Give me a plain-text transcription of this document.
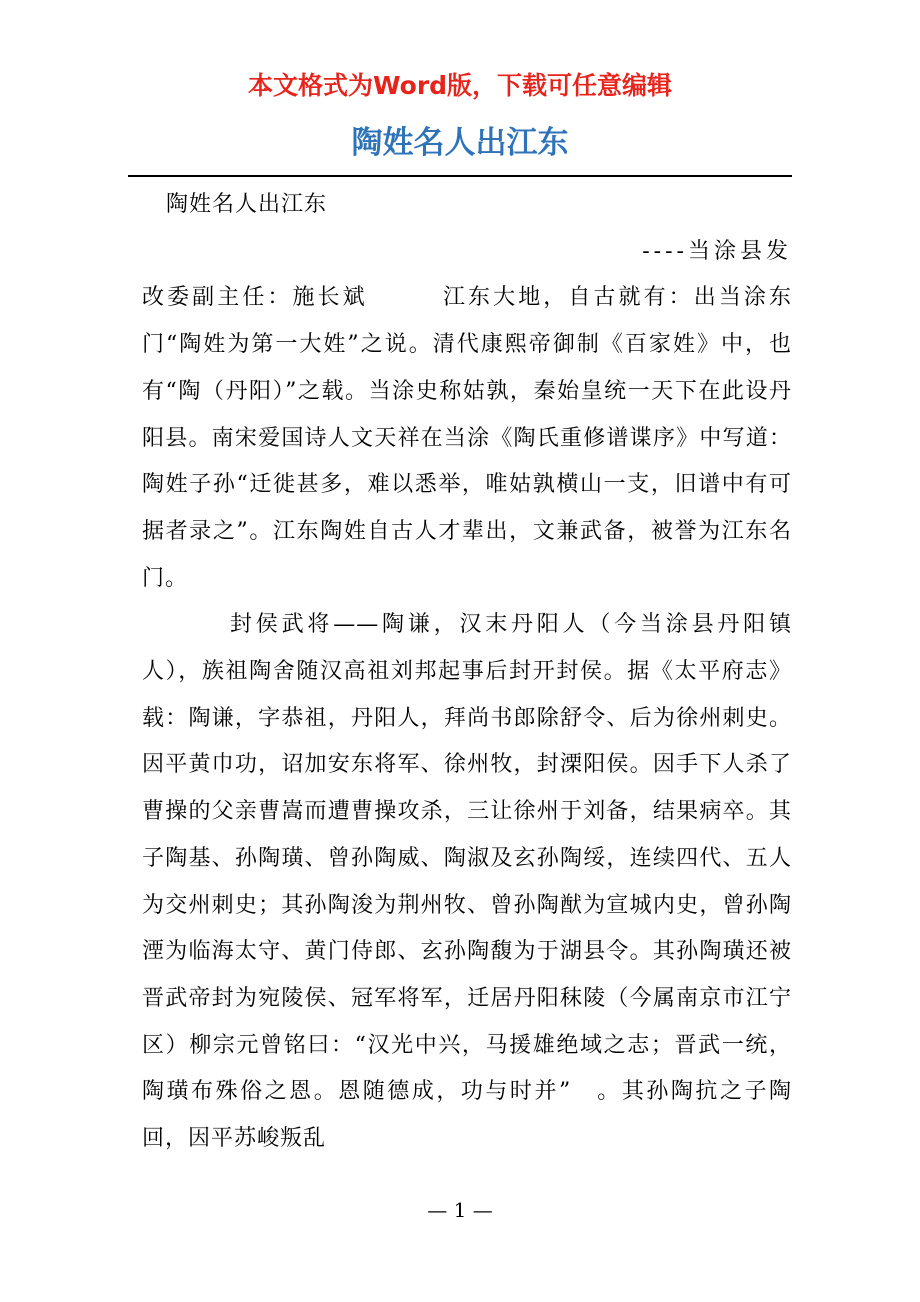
本文格式为Word版，下载可任意编辑
陶姓名人出江东

陶姓名人出江东

----当涂县发

改委副主任：施长斌　　　江东大地，自古就有：出当涂东门“陶姓为第一大姓”之说。清代康熙帝御制《百家姓》中，也有“陶（丹阳）”之载。当涂史称姑孰，秦始皇统一天下在此设丹阳县。南宋爱国诗人文天祥在当涂《陶氏重修谱谍序》中写道：陶姓子孙“迁徙甚多，难以悉举，唯姑孰横山一支，旧谱中有可据者录之”。江东陶姓自古人才辈出，文兼武备，被誉为江东名门。

封侯武将——陶谦，汉末丹阳人（今当涂县丹阳镇人），族祖陶舍随汉高祖刘邦起事后封开封侯。据《太平府志》载：陶谦，字恭祖，丹阳人，拜尚书郎除舒令、后为徐州刺史。因平黄巾功，诏加安东将军、徐州牧，封溧阳侯。因手下人杀了曹操的父亲曹嵩而遭曹操攻杀，三让徐州于刘备，结果病卒。其子陶基、孙陶璜、曾孙陶威、陶淑及玄孙陶绥，连续四代、五人为交州刺史；其孙陶浚为荆州牧、曾孙陶猷为宣城内史，曾孙陶湮为临海太守、黄门侍郎、玄孙陶馥为于湖县令。其孙陶璜还被晋武帝封为宛陵侯、冠军将军，迁居丹阳秣陵（今属南京市江宁区）柳宗元曾铭曰：“汉光中兴，马援雄绝域之志；晋武一统，陶璜布殊俗之恩。恩随德成，功与时并”　。其孙陶抗之子陶回，因平苏峻叛乱

— 1 —
